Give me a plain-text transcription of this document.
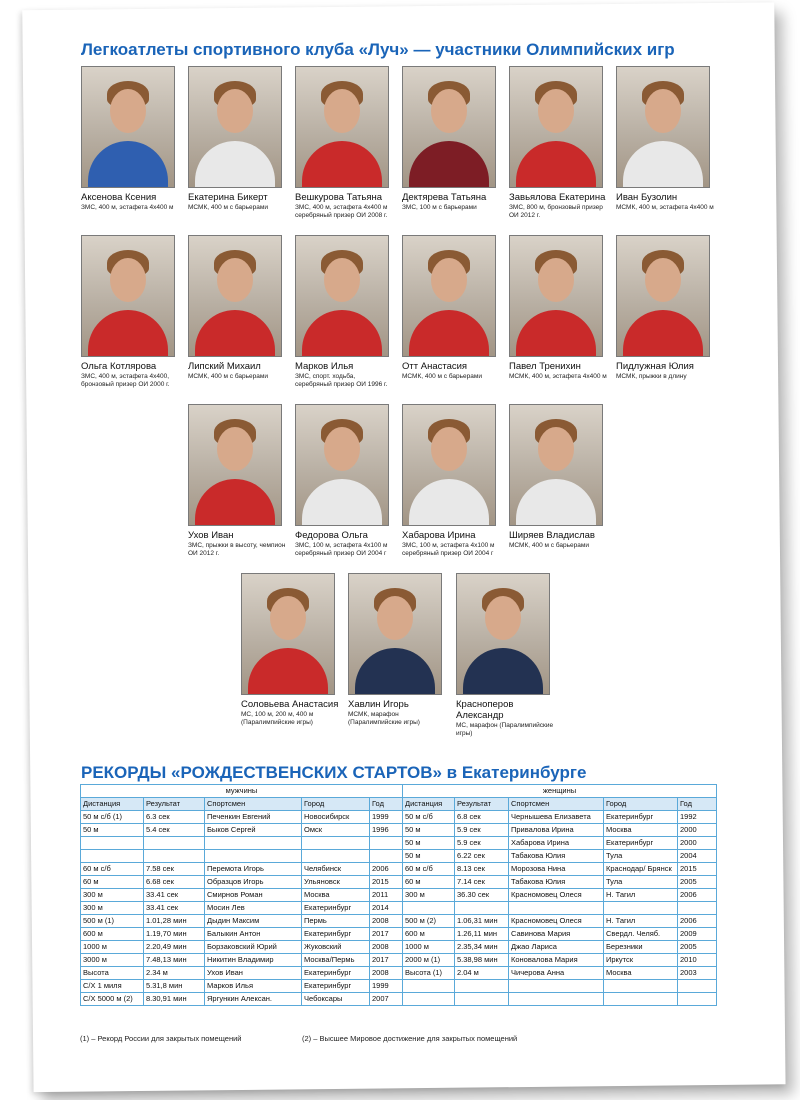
Легкоатлеты спортивного клуба «Луч» — участники Олимпийских игр
Аксенова Ксения
ЗМС, 400 м, эстафета 4х400 м
Екатерина Бикерт
МСМК, 400 м с барьерами
Вешкурова Татьяна
ЗМС, 400 м, эстафета 4х400 м серебряный призер ОИ 2008 г.
Дектярева Татьяна
ЗМС, 100 м с барьерами
Завьялова Екатерина
ЗМС, 800 м, бронзовый призер ОИ 2012 г.
Иван Бузолин
МСМК, 400 м, эстафета 4х400 м
Ольга Котлярова
ЗМС, 400 м, эстафета 4х400, бронзовый призер ОИ 2000 г.
Липский Михаил
МСМК, 400 м с барьерами
Марков Илья
ЗМС, спорт. ходьба, серебряный призер ОИ 1996 г.
Отт Анастасия
МСМК, 400 м с барьерами
Павел Тренихин
МСМК, 400 м, эстафета 4х400 м
Пидлужная Юлия
МСМК, прыжки в длину
Ухов Иван
ЗМС, прыжки в высоту, чемпион ОИ 2012 г.
Федорова Ольга
ЗМС, 100 м, эстафета 4х100 м серебряный призер ОИ 2004 г
Хабарова Ирина
ЗМС, 100 м, эстафета 4х100 м серебряный призер ОИ 2004 г
Ширяев Владислав
МСМК, 400 м с барьерами
Соловьева Анастасия
МС, 100 м, 200 м, 400 м (Паралимпийские игры)
Хавлин Игорь
МСМК, марафон (Паралимпийские игры)
Красноперов Александр
МС, марафон (Паралимпийские игры)
РЕКОРДЫ «РОЖДЕСТВЕНСКИХ СТАРТОВ» в Екатеринбурге
мужчины					женщины				
Дистанция	Результат	Спортсмен	Город	Год	Дистанция	Результат	Спортсмен	Город	Год
50 м с/б (1)	6.3 сек	Печенкин Евгений	Новосибирск	1999	50 м с/б	6.8 сек	Чернышева Елизавета	Екатеринбург	1992
50 м	5.4 сек	Быков Сергей	Омск	1996	50 м	5.9 сек	Привалова Ирина	Москва	2000
					50 м	5.9 сек	Хабарова Ирина	Екатеринбург	2000
					50 м	6.22 сек	Табакова Юлия	Тула	2004
60 м с/б	7.58 сек	Перемота Игорь	Челябинск	2006	60 м с/б	8.13 сек	Морозова Нина	Краснодар/ Брянск	2015
60 м	6.68 сек	Образцов Игорь	Ульяновск	2015	60 м	7.14 сек	Табакова Юлия	Тула	2005
300 м	33.41 сек	Смирнов Роман	Москва	2011	300 м	36.30 сек	Красномовец Олеся	Н. Тагил	2006
300 м	33.41 сек	Мосин Лев	Екатеринбург	2014					
500 м (1)	1.01,28 мин	Дыдин Максим	Пермь	2008	500 м (2)	1.06,31 мин	Красномовец Олеся	Н. Тагил	2006
600 м	1.19,70 мин	Балыкин Антон	Екатеринбург	2017	600 м	1.26,11 мин	Савинова Мария	Свердл. Челяб.	2009
1000 м	2.20,49 мин	Борзаковский Юрий	Жуковский	2008	1000 м	2.35,34 мин	Джао Лариса	Березники	2005
3000 м	7.48,13 мин	Никитин Владимир	Москва/Пермь	2017	2000 м (1)	5.38,98 мин	Коновалова Мария	Иркутск	2010
Высота	2.34 м	Ухов Иван	Екатеринбург	2008	Высота (1)	2.04 м	Чичерова Анна	Москва	2003
С/Х 1 миля	5.31,8 мин	Марков Илья	Екатеринбург	1999					
С/Х 5000 м (2)	8.30,91 мин	Яргункин Алексан.	Чебоксары	2007					
(1) – Рекорд России для закрытых помещений	(2) – Высшее Мировое достижение для закрытых помещений
